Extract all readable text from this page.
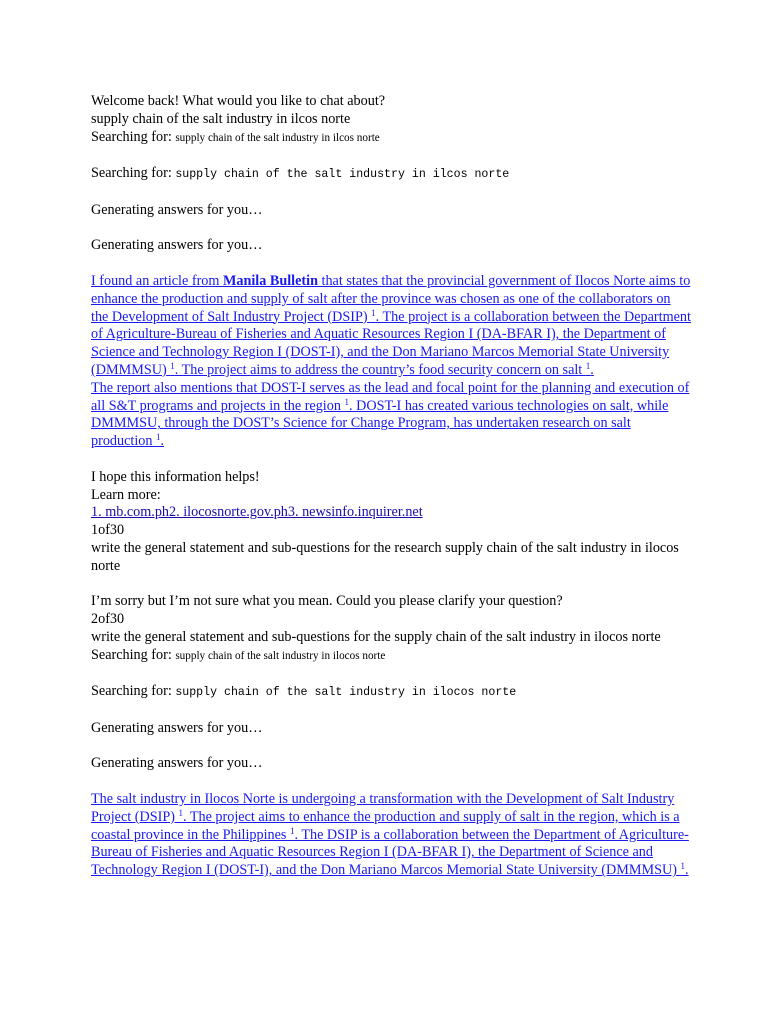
Welcome back! What would you like to chat about?
supply chain of the salt industry in ilcos norte
Searching for: supply chain of the salt industry in ilcos norte
Searching for: supply chain of the salt industry in ilcos norte
Generating answers for you…
Generating answers for you…
I found an article from Manila Bulletin that states that the provincial government of Ilocos Norte aims to enhance the production and supply of salt after the province was chosen as one of the collaborators on the Development of Salt Industry Project (DSIP) $^1$. The project is a collaboration between the Department of Agriculture-Bureau of Fisheries and Aquatic Resources Region I (DA-BFAR I), the Department of Science and Technology Region I (DOST-I), and the Don Mariano Marcos Memorial State University (DMMMSU) $^1$. The project aims to address the country’s food security concern on salt $^1$.
The report also mentions that DOST-I serves as the lead and focal point for the planning and execution of all S&T programs and projects in the region $^1$. DOST-I has created various technologies on salt, while DMMMSU, through the DOST’s Science for Change Program, has undertaken research on salt production $^1$.
I hope this information helps!
Learn more:
1. mb.com.ph2. ilocosnorte.gov.ph3. newsinfo.inquirer.net
1of30
write the general statement and sub-questions for the research supply chain of the salt industry in ilocos norte
I’m sorry but I’m not sure what you mean. Could you please clarify your question?
2of30
write the general statement and sub-questions for the supply chain of the salt industry in ilocos norte
Searching for: supply chain of the salt industry in ilocos norte
Searching for: supply chain of the salt industry in ilocos norte
Generating answers for you…
Generating answers for you…
The salt industry in Ilocos Norte is undergoing a transformation with the Development of Salt Industry Project (DSIP) $^1$. The project aims to enhance the production and supply of salt in the region, which is a coastal province in the Philippines $^1$. The DSIP is a collaboration between the Department of Agriculture-Bureau of Fisheries and Aquatic Resources Region I (DA-BFAR I), the Department of Science and Technology Region I (DOST-I), and the Don Mariano Marcos Memorial State University (DMMMSU) $^1$.
